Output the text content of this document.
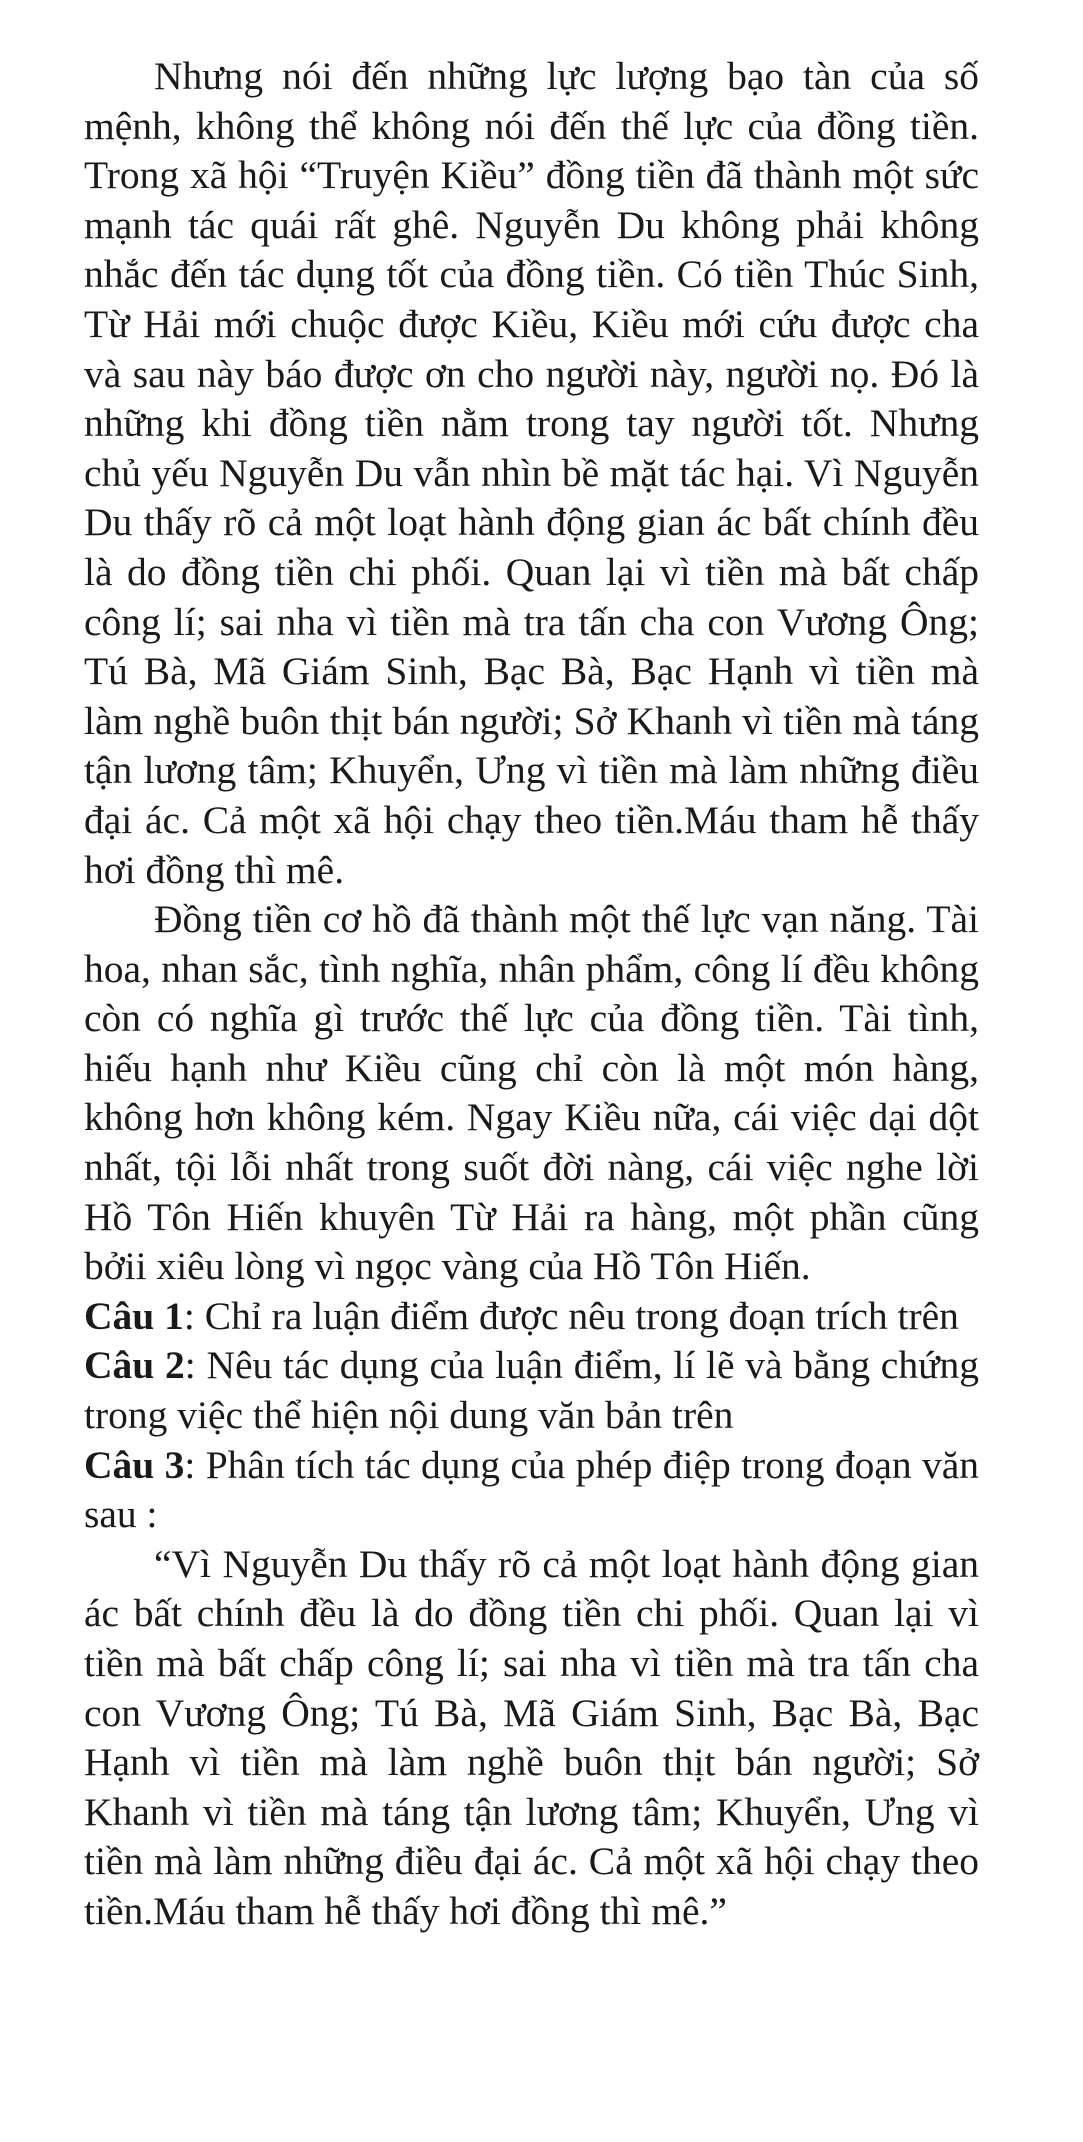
Nhưng nói đến những lực lượng bạo tàn của số mệnh, không thể không nói đến thế lực của đồng tiền. Trong xã hội “Truyện Kiều” đồng tiền đã thành một sức mạnh tác quái rất ghê. Nguyễn Du không phải không nhắc đến tác dụng tốt của đồng tiền. Có tiền Thúc Sinh, Từ Hải mới chuộc được Kiều, Kiều mới cứu được cha và sau này báo được ơn cho người này, người nọ. Đó là những khi đồng tiền nằm trong tay người tốt. Nhưng chủ yếu Nguyễn Du vẫn nhìn bề mặt tác hại. Vì Nguyễn Du thấy rõ cả một loạt hành động gian ác bất chính đều là do đồng tiền chi phối. Quan lại vì tiền mà bất chấp công lí; sai nha vì tiền mà tra tấn cha con Vương Ông; Tú Bà, Mã Giám Sinh, Bạc Bà, Bạc Hạnh vì tiền mà làm nghề buôn thịt bán người; Sở Khanh vì tiền mà táng tận lương tâm; Khuyển, Ưng vì tiền mà làm những điều đại ác. Cả một xã hội chạy theo tiền.Máu tham hễ thấy hơi đồng thì mê.

Đồng tiền cơ hồ đã thành một thế lực vạn năng. Tài hoa, nhan sắc, tình nghĩa, nhân phẩm, công lí đều không còn có nghĩa gì trước thế lực của đồng tiền. Tài tình, hiếu hạnh như Kiều cũng chỉ còn là một món hàng, không hơn không kém. Ngay Kiều nữa, cái việc dại dột nhất, tội lỗi nhất trong suốt đời nàng, cái việc nghe lời Hồ Tôn Hiến khuyên Từ Hải ra hàng, một phần cũng bởii xiêu lòng vì ngọc vàng của Hồ Tôn Hiến.

Câu 1: Chỉ ra luận điểm được nêu trong đoạn trích trên

Câu 2: Nêu tác dụng của luận điểm, lí lẽ và bằng chứng trong việc thể hiện nội dung văn bản trên

Câu 3: Phân tích tác dụng của phép điệp trong đoạn văn sau :

“Vì Nguyễn Du thấy rõ cả một loạt hành động gian ác bất chính đều là do đồng tiền chi phối. Quan lại vì tiền mà bất chấp công lí; sai nha vì tiền mà tra tấn cha con Vương Ông; Tú Bà, Mã Giám Sinh, Bạc Bà, Bạc Hạnh vì tiền mà làm nghề buôn thịt bán người; Sở Khanh vì tiền mà táng tận lương tâm; Khuyển, Ưng vì tiền mà làm những điều đại ác. Cả một xã hội chạy theo tiền.Máu tham hễ thấy hơi đồng thì mê.”
